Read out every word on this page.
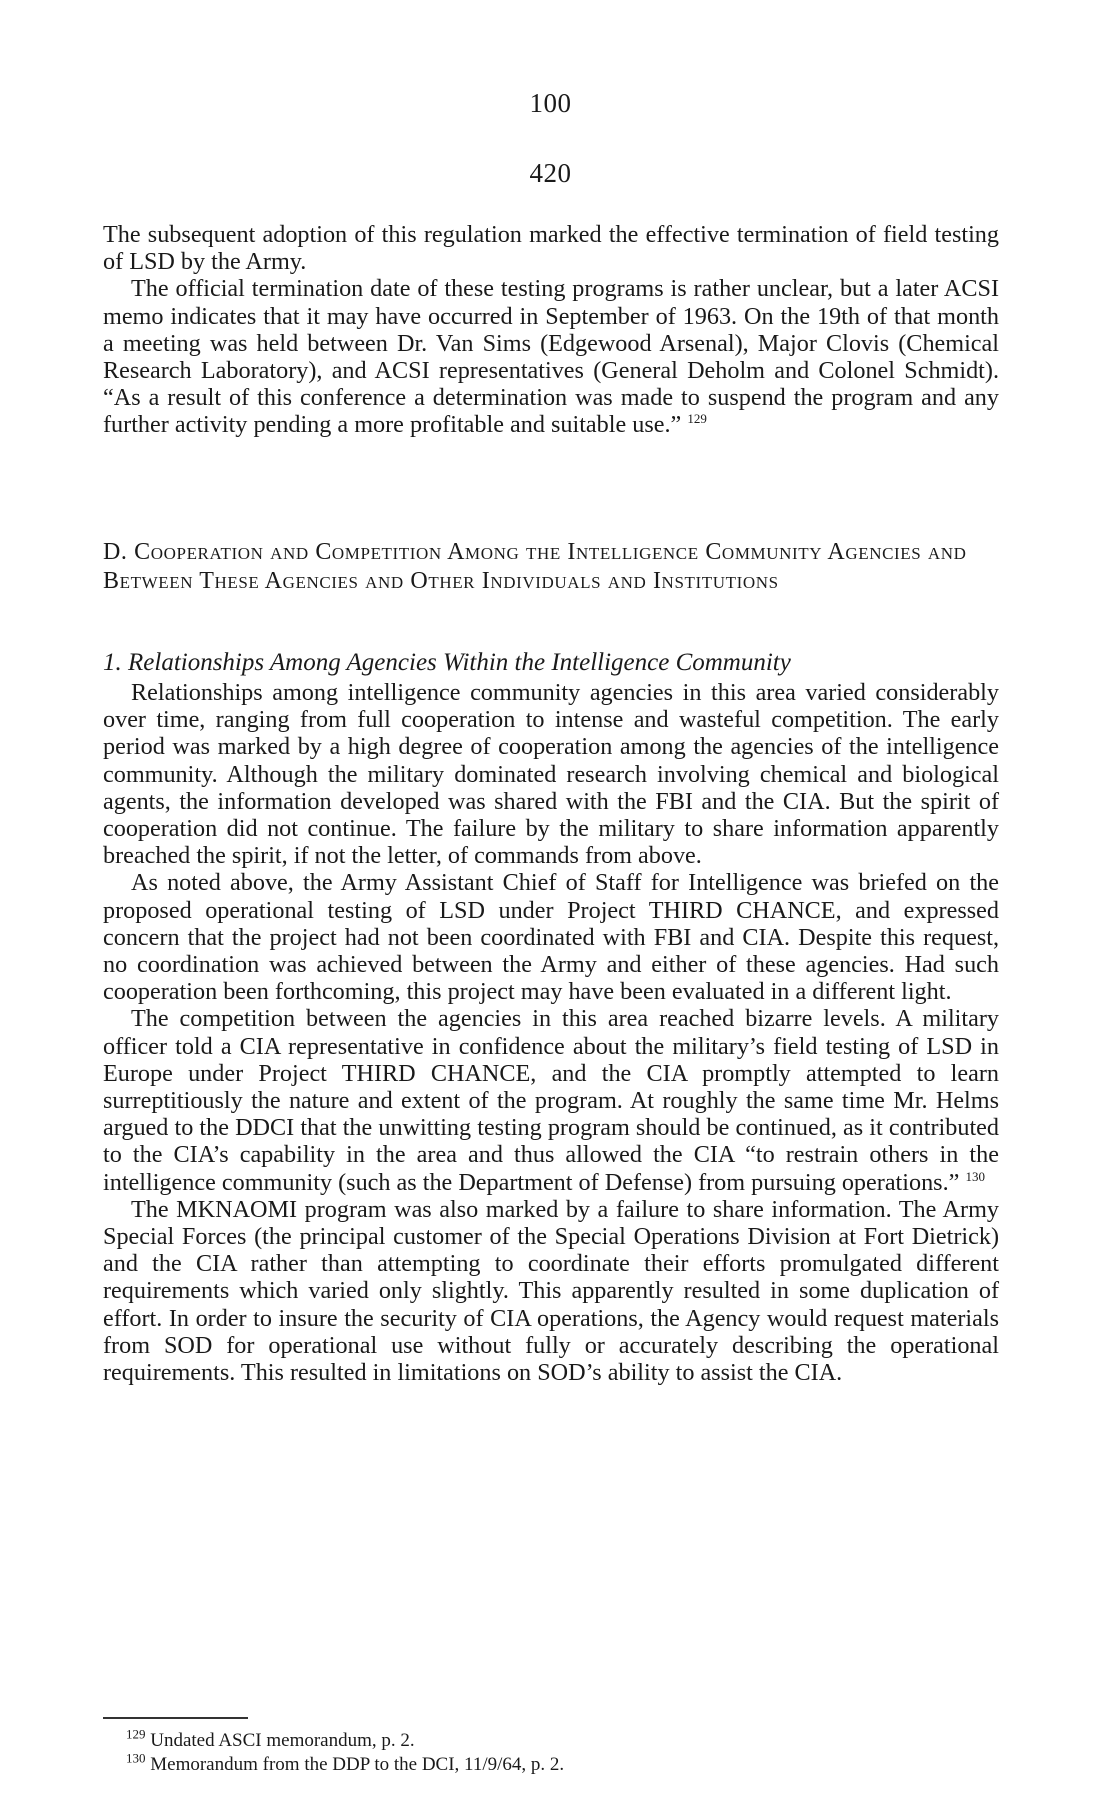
100
420

The subsequent adoption of this regulation marked the effective termination of field testing of LSD by the Army.

The official termination date of these testing programs is rather unclear, but a later ACSI memo indicates that it may have occurred in September of 1963. On the 19th of that month a meeting was held between Dr. Van Sims (Edgewood Arsenal), Major Clovis (Chemical Research Laboratory), and ACSI representatives (General Deholm and Colonel Schmidt). “As a result of this conference a determination was made to suspend the program and any further activity pending a more profitable and suitable use.” $^{129}$

D. Cooperation and Competition Among the Intelligence Community Agencies and Between These Agencies and Other Individuals and Institutions
1. Relationships Among Agencies Within the Intelligence Community

Relationships among intelligence community agencies in this area varied considerably over time, ranging from full cooperation to intense and wasteful competition. The early period was marked by a high degree of cooperation among the agencies of the intelligence community. Although the military dominated research involving chemical and biological agents, the information developed was shared with the FBI and the CIA. But the spirit of cooperation did not continue. The failure by the military to share information apparently breached the spirit, if not the letter, of commands from above.

As noted above, the Army Assistant Chief of Staff for Intelligence was briefed on the proposed operational testing of LSD under Project THIRD CHANCE, and expressed concern that the project had not been coordinated with FBI and CIA. Despite this request, no coordination was achieved between the Army and either of these agencies. Had such cooperation been forthcoming, this project may have been evaluated in a different light.

The competition between the agencies in this area reached bizarre levels. A military officer told a CIA representative in confidence about the military’s field testing of LSD in Europe under Project THIRD CHANCE, and the CIA promptly attempted to learn surreptitiously the nature and extent of the program. At roughly the same time Mr. Helms argued to the DDCI that the unwitting testing program should be continued, as it contributed to the CIA’s capability in the area and thus allowed the CIA “to restrain others in the intelligence community (such as the Department of Defense) from pursuing operations.” $^{130}$

The MKNAOMI program was also marked by a failure to share information. The Army Special Forces (the principal customer of the Special Operations Division at Fort Dietrick) and the CIA rather than attempting to coordinate their efforts promulgated different requirements which varied only slightly. This apparently resulted in some duplication of effort. In order to insure the security of CIA operations, the Agency would request materials from SOD for operational use without fully or accurately describing the operational requirements. This resulted in limitations on SOD’s ability to assist the CIA.

$^{129}$ Undated ASCI memorandum, p. 2.
$^{130}$ Memorandum from the DDP to the DCI, 11/9/64, p. 2.
